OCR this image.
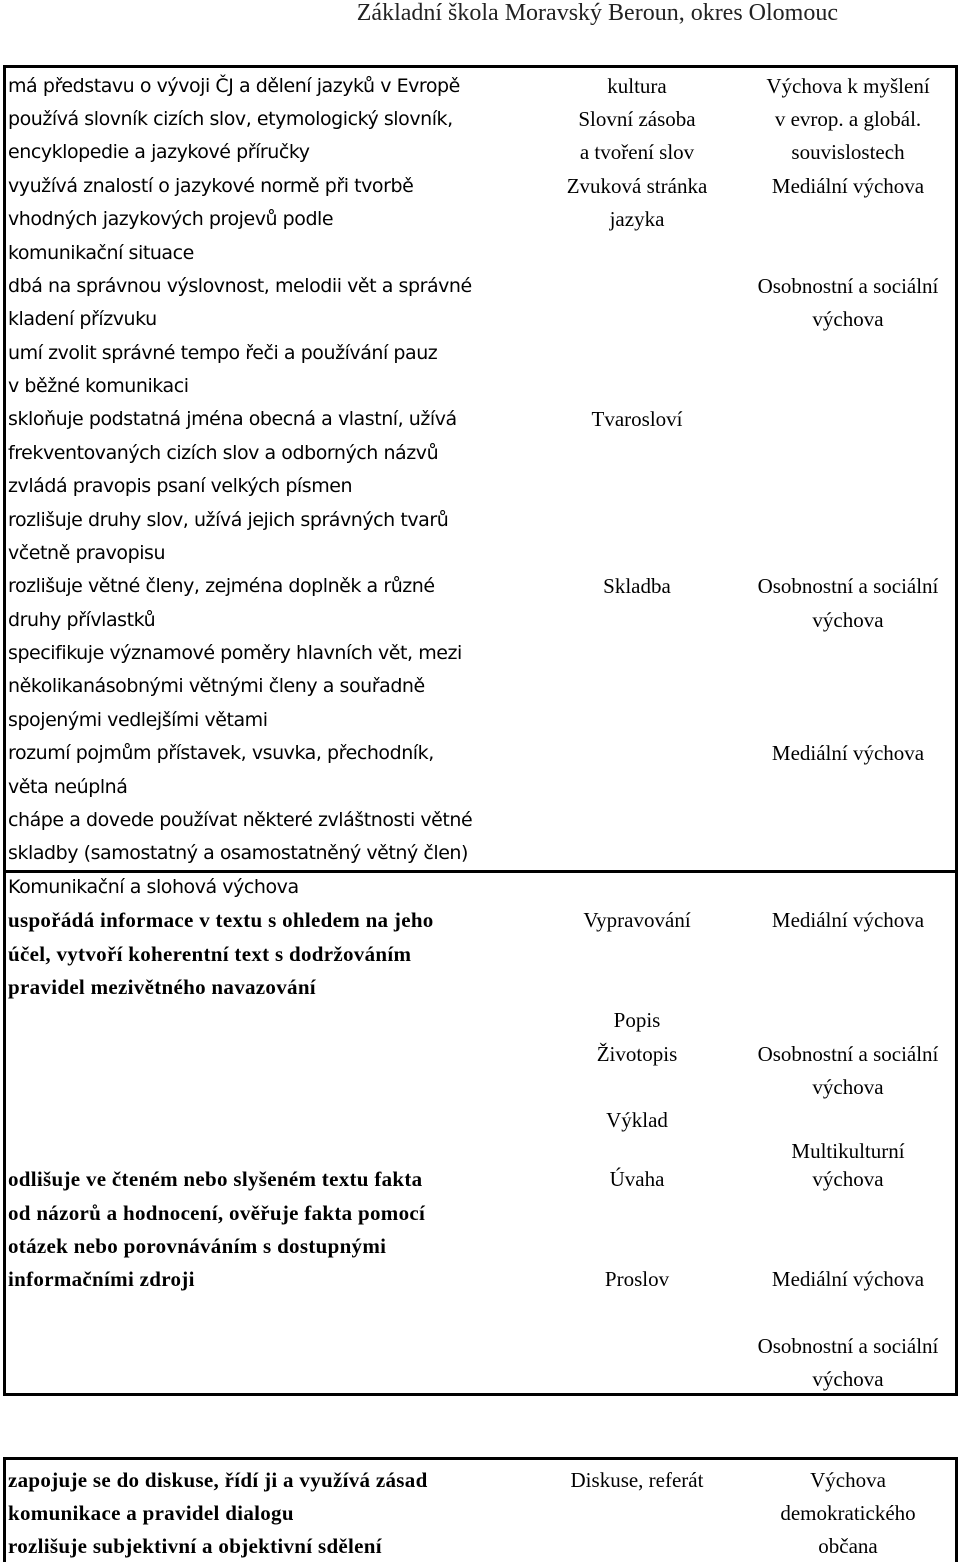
Základní škola Moravský Beroun, okres Olomouc
má představu o vývoji ČJ a dělení jazyků v Evropě
používá slovník cizích slov, etymologický slovník,
encyklopedie a jazykové příručky
využívá znalostí o jazykové normě při tvorbě
vhodných jazykových projevů podle
komunikační situace
dbá na správnou výslovnost, melodii vět a správné
kladení přízvuku
umí zvolit správné tempo řeči a používání pauz
v běžné komunikaci
skloňuje podstatná jména obecná a vlastní, užívá
frekventovaných cizích slov a odborných názvů
zvládá pravopis psaní velkých písmen
rozlišuje druhy slov, užívá jejich správných tvarů
včetně pravopisu
rozlišuje větné členy, zejména doplněk a různé
druhy přívlastků
specifikuje významové poměry hlavních vět, mezi
několikanásobnými větnými členy a souřadně
spojenými vedlejšími větami
rozumí pojmům přístavek, vsuvka, přechodník,
věta neúplná
chápe a dovede používat některé zvláštnosti větné
skladby (samostatný a osamostatněný větný člen)
Komunikační a slohová výchova
uspořádá informace v textu s ohledem na jeho
účel, vytvoří koherentní text s dodržováním
pravidel mezivětného navazování
odlišuje ve čteném nebo slyšeném textu fakta
od názorů a hodnocení, ověřuje fakta pomocí
otázek nebo porovnáváním s dostupnými
informačními zdroji
kultura
Slovní zásoba
a tvoření slov
Zvuková stránka
jazyka
Tvarosloví
Skladba
Vypravování
Popis
Životopis
Výklad
Úvaha
Proslov
Výchova k myšlení
v evrop. a globál.
souvislostech
Mediální výchova
Osobnostní a sociální
výchova
Osobnostní a sociální
výchova
Mediální výchova
Mediální výchova
Osobnostní a sociální
výchova
Multikulturní
výchova
Mediální výchova
Osobnostní a sociální
výchova
zapojuje se do diskuse, řídí ji a využívá zásad
komunikace a pravidel dialogu
rozlišuje subjektivní a objektivní sdělení
Diskuse, referát	Výchova
demokratického
občana
